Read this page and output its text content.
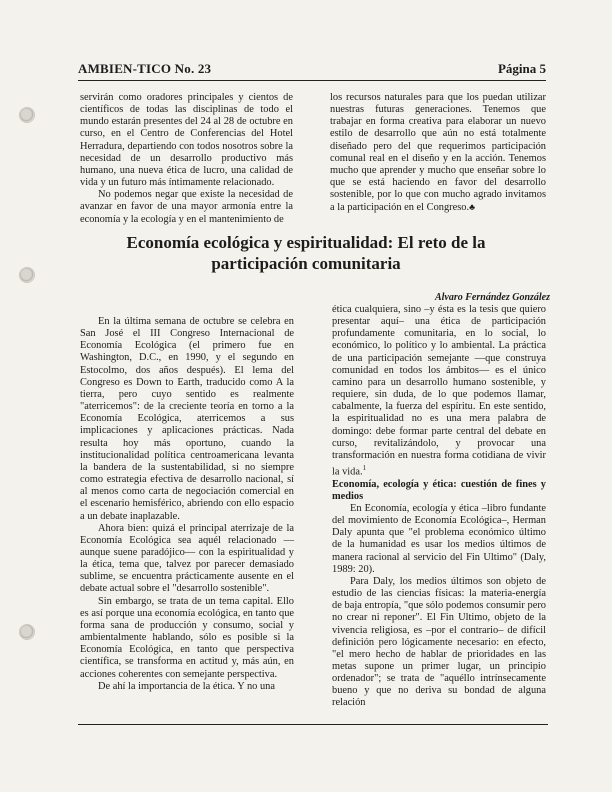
AMBIEN-TICO No. 23	Página 5

servirán como oradores principales y cientos de científicos de todas las disciplinas de todo el mundo estarán presentes del 24 al 28 de octubre en curso, en el Centro de Conferencias del Hotel Herradura, departiendo con todos nosotros sobre la necesidad de un desarrollo productivo más humano, una nueva ética de lucro, una calidad de vida y un futuro más íntimamente relacionado.

No podemos negar que existe la necesidad de avanzar en favor de una mayor armonía entre la economía y la ecología y en el mantenimiento de

los recursos naturales para que los puedan utilizar nuestras futuras generaciones. Tenemos que trabajar en forma creativa para elaborar un nuevo estilo de desarrollo que aún no está totalmente diseñado pero del que requerimos participación comunal real en el diseño y en la acción. Tenemos mucho que aprender y mucho que enseñar sobre lo que se está haciendo en favor del desarrollo sostenible, por lo que con mucho agrado invitamos a la participación en el Congreso.♣

Economía ecológica y espiritualidad: El reto de la
participación comunitaria
Alvaro Fernández González

En la última semana de octubre se celebra en San José el III Congreso Internacional de Economía Ecológica (el primero fue en Washington, D.C., en 1990, y el segundo en Estocolmo, dos años después). El lema del Congreso es Down to Earth, traducido como A la tierra, pero cuyo sentido es realmente "aterricemos": de la creciente teoría en torno a la Economía Ecológica, aterricemos a sus implicaciones y aplicaciones prácticas. Nada resulta hoy más oportuno, cuando la institucionalidad política centroamericana levanta la bandera de la sustentabilidad, si no siempre como estrategia efectiva de desarrollo nacional, sí al menos como carta de negociación comercial en el escenario hemisférico, abriendo con ello espacio a un debate inaplazable.

Ahora bien: quizá el principal aterrizaje de la Economía Ecológica sea aquél relacionado —aunque suene paradójico— con la espiritualidad y la ética, tema que, talvez por parecer demasiado sublime, se encuentra prácticamente ausente en el debate actual sobre el "desarrollo sostenible".

Sin embargo, se trata de un tema capital. Ello es así porque una economía ecológica, en tanto que forma sana de producción y consumo, social y ambientalmente hablando, sólo es posible si la Economía Ecológica, en tanto que perspectiva científica, se transforma en actitud y, más aún, en acciones coherentes con semejante perspectiva.

De ahí la importancia de la ética. Y no una

ética cualquiera, sino –y ésta es la tesis que quiero presentar aquí– una ética de participación profundamente comunitaria, en lo social, lo económico, lo político y lo ambiental. La práctica de una participación semejante —que construya comunidad en todos los ámbitos— es el único camino para un desarrollo humano sostenible, y requiere, sin duda, de lo que podemos llamar, cabalmente, la fuerza del espíritu. En este sentido, la espiritualidad no es una mera palabra de domingo: debe formar parte central del debate en curso, revitalizándolo, y provocar una transformación en nuestra forma cotidiana de vivir la vida.$^1$

Economía, ecología y ética: cuestión de fines y medios

En Economía, ecología y ética –libro fundante del movimiento de Economía Ecológica–, Herman Daly apunta que "el problema económico último de la humanidad es usar los medios últimos de manera racional al servicio del Fin Ultimo" (Daly, 1989: 20).

Para Daly, los medios últimos son objeto de estudio de las ciencias físicas: la materia-energía de baja entropía, "que sólo podemos consumir pero no crear ni reponer". El Fin Ultimo, objeto de la vivencia religiosa, es –por el contrario– de difícil definición pero lógicamente necesario: en efecto, "el mero hecho de hablar de prioridades en las metas supone un primer lugar, un principio ordenador"; se trata de "aquéllo intrínsecamente bueno y que no deriva su bondad de alguna relación
